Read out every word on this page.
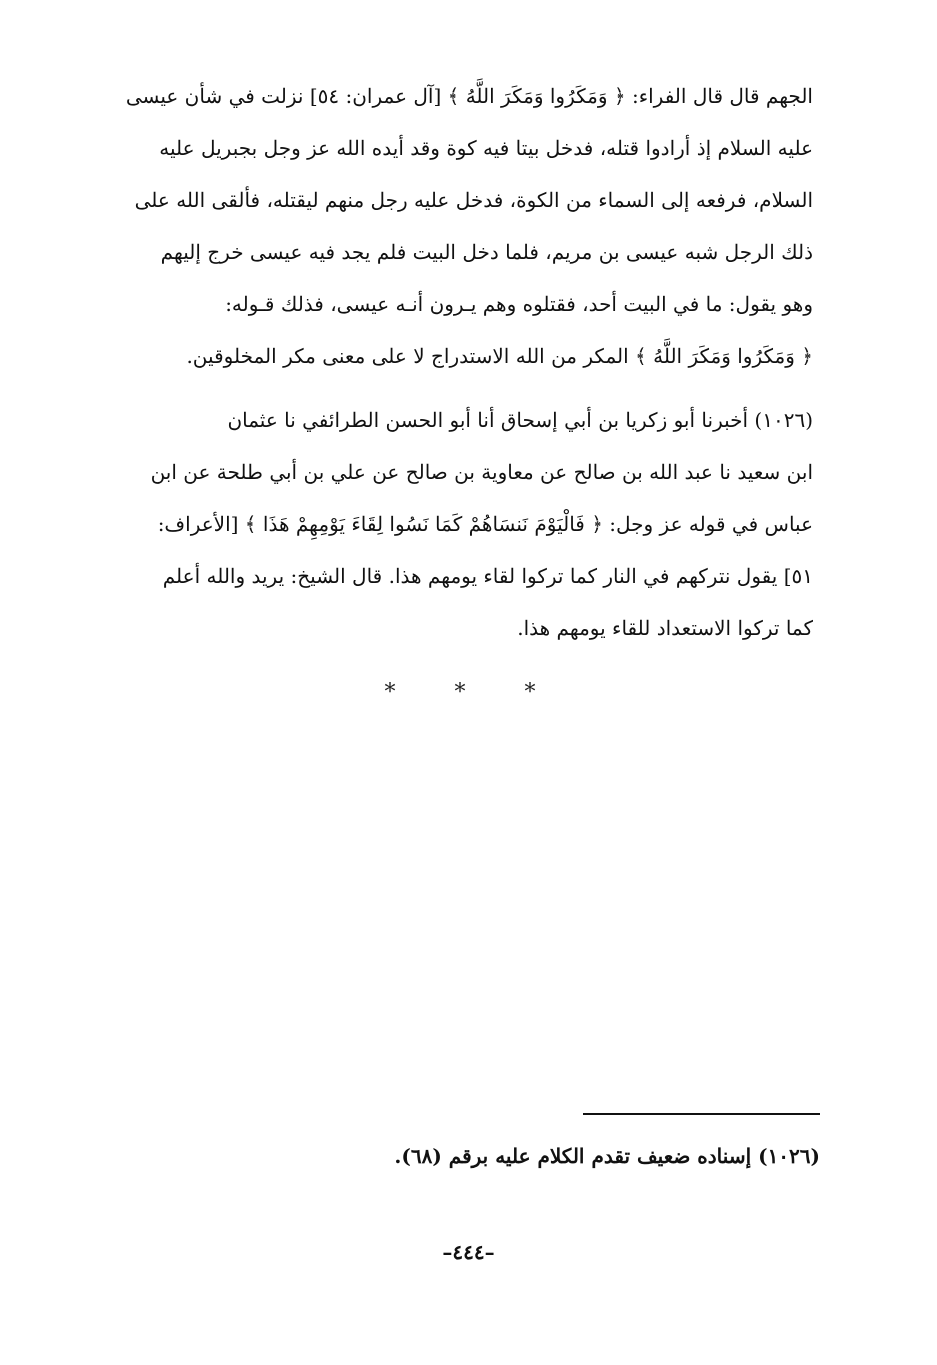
الجهم قال قال الفراء: ﴿ وَمَكَرُوا وَمَكَرَ اللَّهُ ﴾ [آل عمران: ٥٤] نزلت في شأن عيسى
عليه السلام إذ أرادوا قتله، فدخل بيتا فيه كوة وقد أيده الله عز وجل بجبريل عليه
السلام، فرفعه إلى السماء من الكوة، فدخل عليه رجل منهم ليقتله، فألقى الله على
ذلك الرجل شبه عيسى بن مريم، فلما دخل البيت فلم يجد فيه عيسى خرج إليهم
وهو يقول: ما في البيت أحد، فقتلوه وهم يـرون أنـه عيسى، فذلك قـوله:
﴿ وَمَكَرُوا وَمَكَرَ اللَّهُ ﴾ المكر من الله الاستدراج لا على معنى مكر المخلوقين.

(١٠٢٦) أخبرنا أبو زكريا بن أبي إسحاق أنا أبو الحسن الطرائفي نا عثمان
ابن سعيد نا عبد الله بن صالح عن معاوية بن صالح عن علي بن أبي طلحة عن ابن
عباس في قوله عز وجل: ﴿ فَالْيَوْمَ نَنسَاهُمْ كَمَا نَسُوا لِقَاءَ يَوْمِهِمْ هَذَا ﴾ [الأعراف:
٥١] يقول نتركهم في النار كما تركوا لقاء يومهم هذا. قال الشيخ: يريد والله أعلم
كما تركوا الاستعداد للقاء يومهم هذا.

*	*	*
(١٠٢٦) إسناده ضعيف تقدم الكلام عليه برقم (٦٨).
–٤٤٤–
